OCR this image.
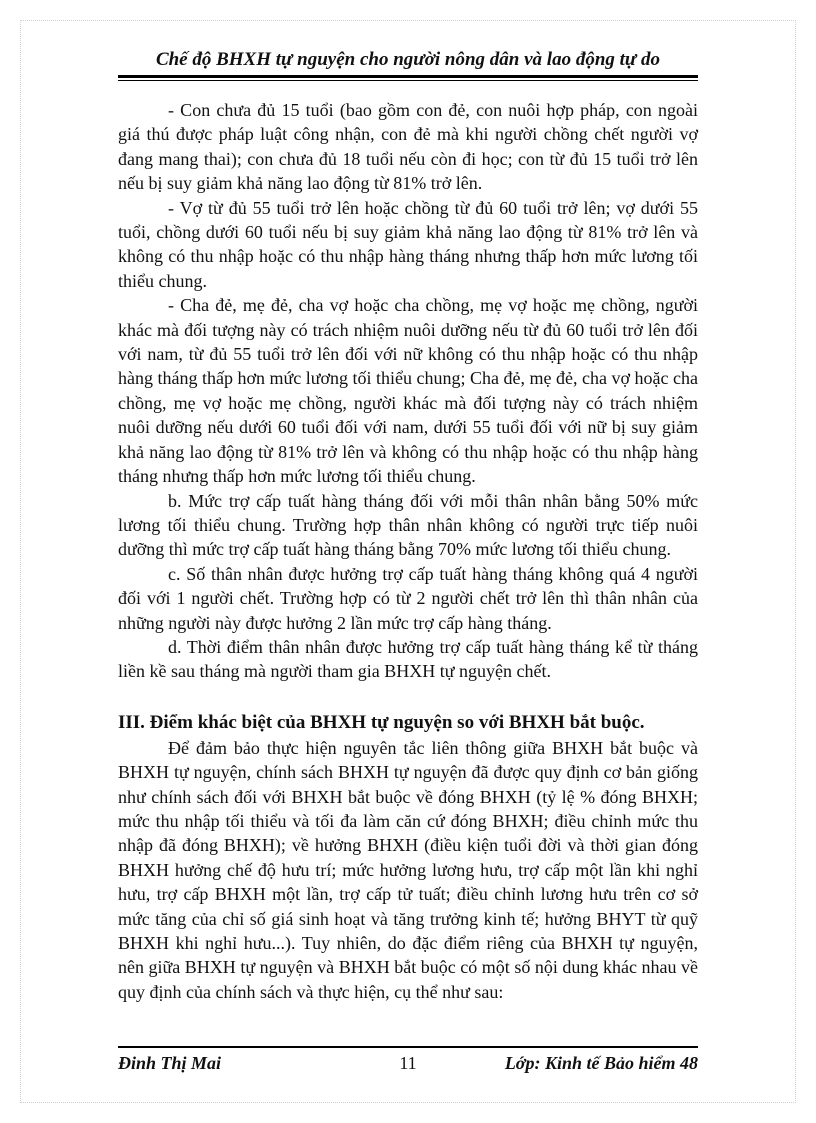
Chế độ BHXH tự nguyện cho người nông dân và lao động tự do

- Con chưa đủ 15 tuổi (bao gồm con đẻ, con nuôi hợp pháp, con ngoài giá thú được pháp luật công nhận, con đẻ mà khi người chồng chết người vợ đang mang thai); con chưa đủ 18 tuổi nếu còn đi học; con từ đủ 15 tuổi trở lên nếu bị suy giảm khả năng lao động từ 81% trở lên.

- Vợ từ đủ 55 tuổi trở lên hoặc chồng từ đủ 60 tuổi trở lên; vợ dưới 55 tuổi, chồng dưới 60 tuổi nếu bị suy giảm khả năng lao động từ 81% trở lên và không có thu nhập hoặc có thu nhập hàng tháng nhưng thấp hơn mức lương tối thiểu chung.

- Cha đẻ, mẹ đẻ, cha vợ hoặc cha chồng, mẹ vợ hoặc mẹ chồng, người khác mà đối tượng này có trách nhiệm nuôi dưỡng nếu từ đủ 60 tuổi trở lên đối với nam, từ đủ 55 tuổi trở lên đối với nữ không có thu nhập hoặc có thu nhập hàng tháng thấp hơn mức lương tối thiểu chung; Cha đẻ, mẹ đẻ, cha vợ hoặc cha chồng, mẹ vợ hoặc mẹ chồng, người khác mà đối tượng này có trách nhiệm nuôi dưỡng nếu dưới 60 tuổi đối với nam, dưới 55 tuổi đối với nữ bị suy giảm khả năng lao động từ 81% trở lên và không có thu nhập hoặc có thu nhập hàng tháng nhưng thấp hơn mức lương tối thiểu chung.

b. Mức trợ cấp tuất hàng tháng đối với mỗi thân nhân bằng 50% mức lương tối thiểu chung. Trường hợp thân nhân không có người trực tiếp nuôi dưỡng thì mức trợ cấp tuất hàng tháng bằng 70% mức lương tối thiểu chung.

c. Số thân nhân được hưởng trợ cấp tuất hàng tháng không quá 4 người đối với 1 người chết. Trường hợp có từ 2 người chết trở lên thì thân nhân của những người này được hưởng 2 lần mức trợ cấp hàng tháng.

d. Thời điểm thân nhân được hưởng trợ cấp tuất hàng tháng kể từ tháng liền kề sau tháng mà người tham gia BHXH tự nguyện chết.

III. Điểm khác biệt của BHXH tự nguyện so với BHXH bắt buộc.

Để đảm bảo thực hiện nguyên tắc liên thông giữa BHXH bắt buộc và BHXH tự nguyện, chính sách BHXH tự nguyện đã được quy định cơ bản giống như chính sách đối với BHXH bắt buộc về đóng BHXH (tỷ lệ % đóng BHXH; mức thu nhập tối thiểu và tối đa làm căn cứ đóng BHXH; điều chỉnh mức thu nhập đã đóng BHXH); về hưởng BHXH (điều kiện tuổi đời và thời gian đóng BHXH hưởng chế độ hưu trí; mức hưởng lương hưu, trợ cấp một lần khi nghỉ hưu, trợ cấp BHXH một lần, trợ cấp tử tuất; điều chỉnh lương hưu trên cơ sở mức tăng của chỉ số giá sinh hoạt và tăng trưởng kinh tế; hưởng BHYT từ quỹ BHXH khi nghỉ hưu...). Tuy nhiên, do đặc điểm riêng của BHXH tự nguyện, nên giữa BHXH tự nguyện và BHXH bắt buộc có một số nội dung khác nhau về quy định của chính sách và thực hiện, cụ thể như sau:

Đinh Thị Mai	11	Lớp: Kinh tế Bảo hiểm 48
